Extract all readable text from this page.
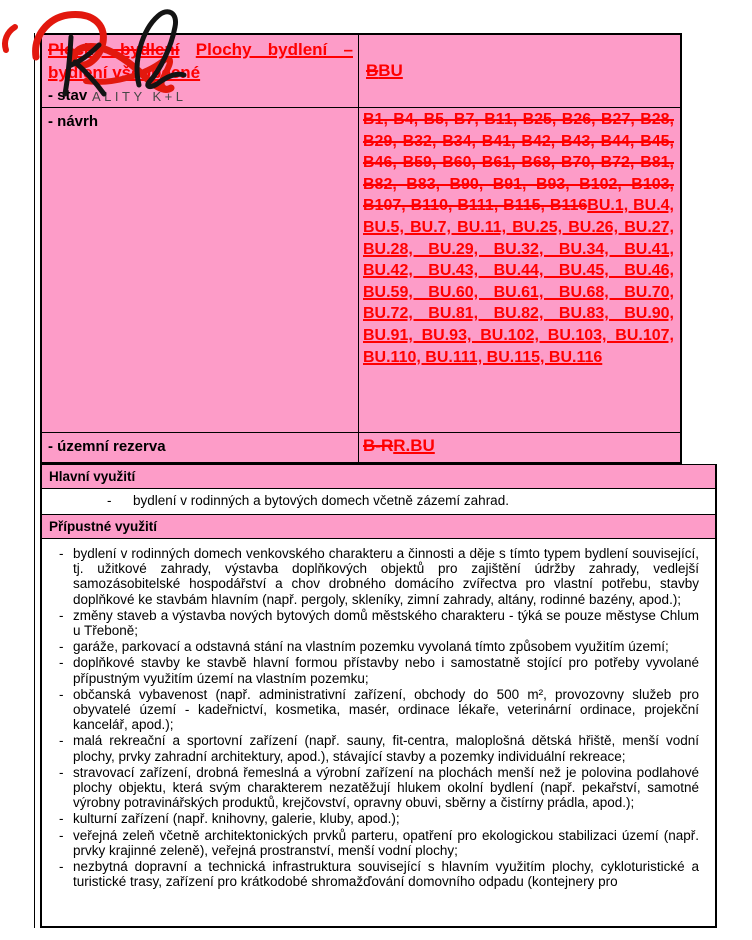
Plochy bydlení Plochy bydlení – bydlení všeobecné
- stav ALITY K+L
B BU
- návrh	B1, B4, B5, B7, B11, B25, B26, B27, B28, B29, B32, B34, B41, B42, B43, B44, B45, B46, B59, B60, B61, B68, B70, B72, B81, B82, B83, B90, B91, B93, B102, B103, B107, B110, B111, B115, B116BU.1, BU.4, BU.5, BU.7, BU.11, BU.25, BU.26, BU.27, BU.28, BU.29, BU.32, BU.34, BU.41, BU.42, BU.43, BU.44, BU.45, BU.46, BU.59, BU.60, BU.61, BU.68, BU.70, BU.72, BU.81, BU.82, BU.83, BU.90, BU.91, BU.93, BU.102, BU.103, BU.107, BU.110, BU.111, BU.115, BU.116
- územní rezerva	B-RR.BU
Hlavní využití
- bydlení v rodinných a bytových domech včetně zázemí zahrad.
Přípustné využití
- bydlení v rodinných domech venkovského charakteru a činnosti a děje s tímto typem bydlení související, tj. užitkové zahrady, výstavba doplňkových objektů pro zajištění údržby zahrady, vedlejší samozásobitelské hospodářství a chov drobného domácího zvířectva pro vlastní potřebu, stavby doplňkové ke stavbám hlavním (např. pergoly, skleníky, zimní zahrady, altány, rodinné bazény, apod.);
- změny staveb a výstavba nových bytových domů městského charakteru - týká se pouze městyse Chlum u Třeboně;
- garáže, parkovací a odstavná stání na vlastním pozemku vyvolaná tímto způsobem využitím území;
- doplňkové stavby ke stavbě hlavní formou přístavby nebo i samostatně stojící pro potřeby vyvolané přípustným využitím území na vlastním pozemku;
- občanská vybavenost (např. administrativní zařízení, obchody do 500 m², provozovny služeb pro obyvatelé území - kadeřnictví, kosmetika, masér, ordinace lékaře, veterinární ordinace, projekční kancelář, apod.);
- malá rekreační a sportovní zařízení (např. sauny, fit-centra, maloplošná dětská hřiště, menší vodní plochy, prvky zahradní architektury, apod.), stávající stavby a pozemky individuální rekreace;
- stravovací zařízení, drobná řemeslná a výrobní zařízení na plochách menší než je polovina podlahové plochy objektu, která svým charakterem nezatěžují hlukem okolní bydlení (např. pekařství, samotné výrobny potravinářských produktů, krejčovství, opravny obuvi, sběrny a čistírny prádla, apod.);
- kulturní zařízení (např. knihovny, galerie, kluby, apod.);
- veřejná zeleň včetně architektonických prvků parteru, opatření pro ekologickou stabilizaci území (např. prvky krajinné zeleně), veřejná prostranství, menší vodní plochy;
- nezbytná dopravní a technická infrastruktura související s hlavním využitím plochy, cykloturistické a turistické trasy, zařízení pro krátkodobé shromažďování domovního odpadu (kontejnery pro
